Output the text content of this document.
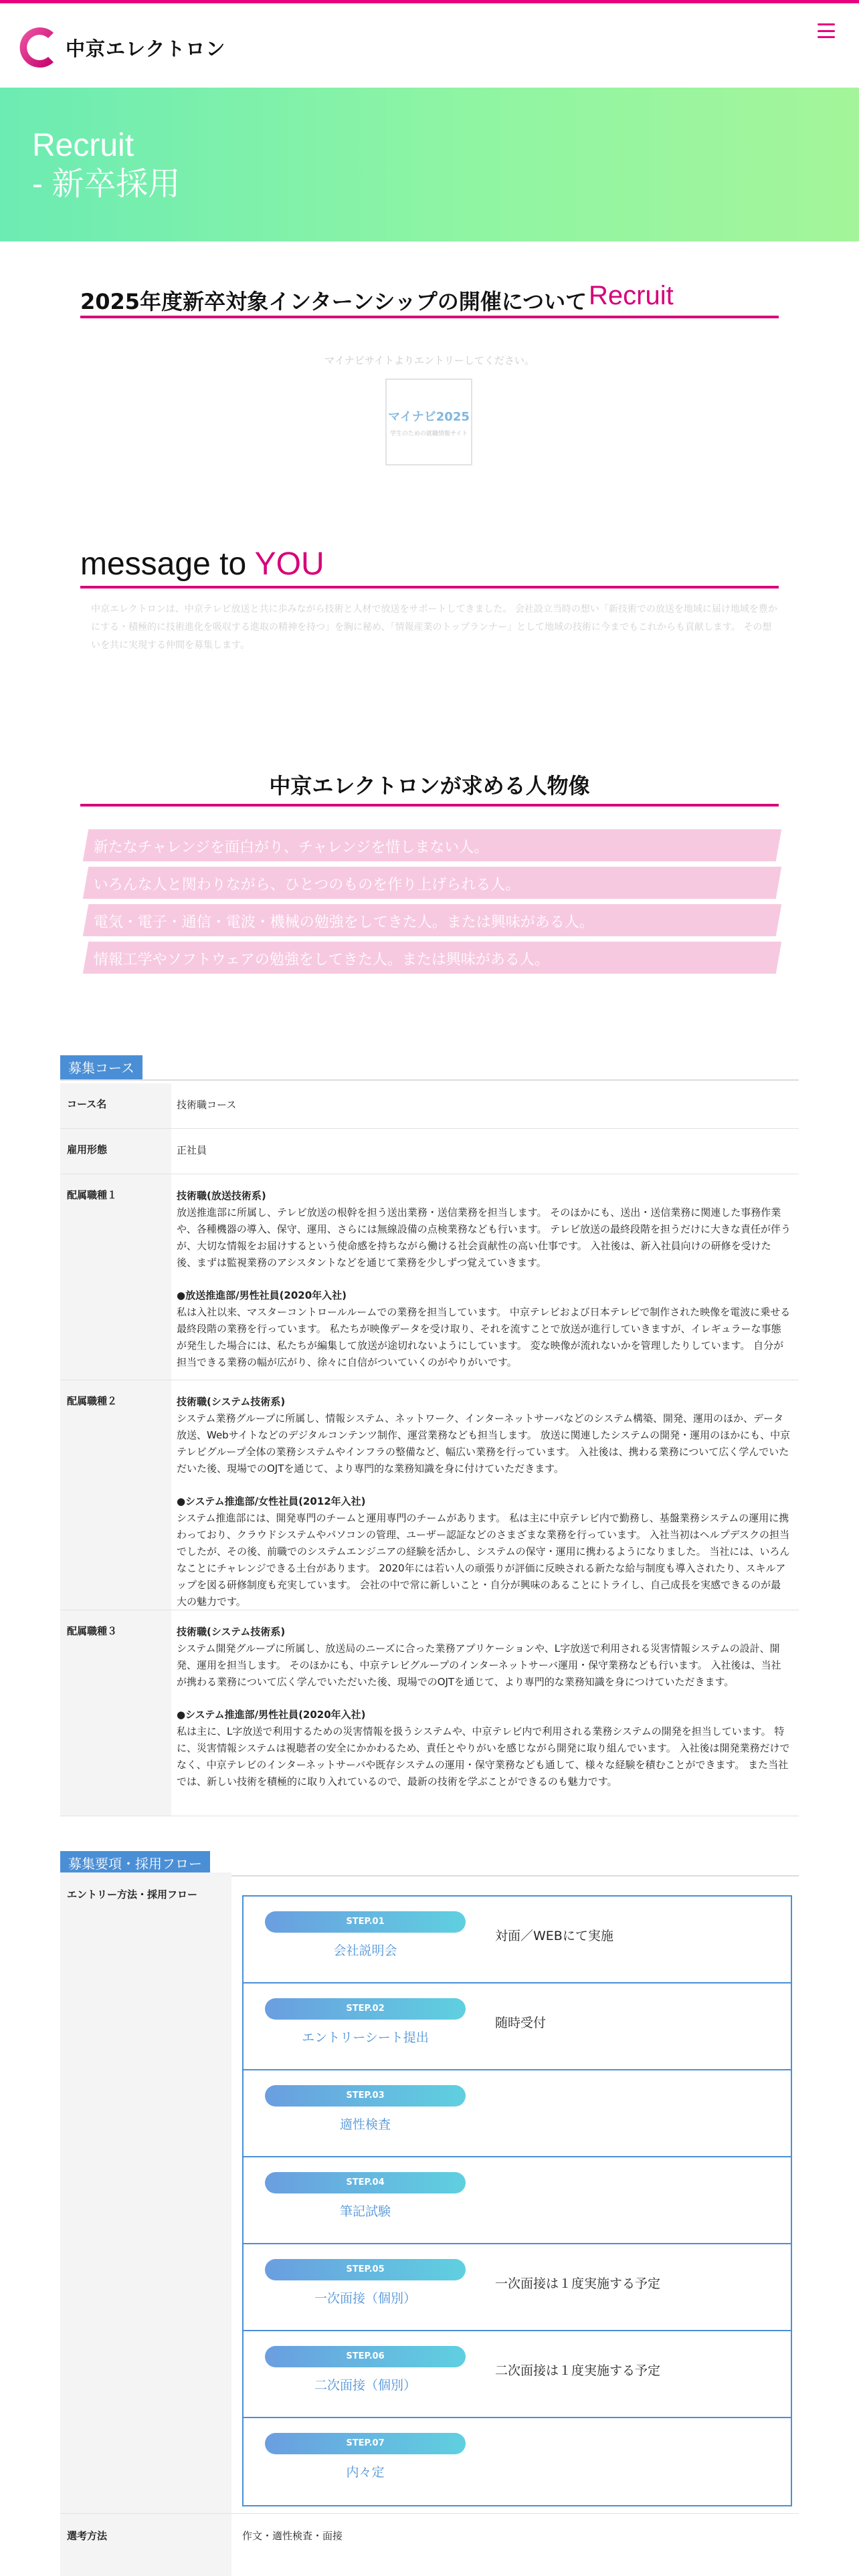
中京エレクトロン
Recruit
- 新卒採用
2025年度新卒対象インターンシップの開催について Recruit
マイナビサイトよりエントリーしてください。
マイナビ2025
学生のための就職情報サイト
message to YOU
中京エレクトロンは、中京テレビ放送と共に歩みながら技術と人材で放送をサポートしてきました。 会社設立当時の想い「新技術での放送を地域に届け地域を豊かにする・積極的に技術進化を吸収する進取の精神を持つ」を胸に秘め、「情報産業のトップランナー」として地域の技術に今までもこれからも貢献します。 その想いを共に実現する仲間を募集します。
中京エレクトロンが求める人物像
新たなチャレンジを面白がり、チャレンジを惜しまない人。
いろんな人と関わりながら、ひとつのものを作り上げられる人。
電気・電子・通信・電波・機械の勉強をしてきた人。または興味がある人。
情報工学やソフトウェアの勉強をしてきた人。または興味がある人。
募集コース
コース名	技術職コース
雇用形態	正社員
配属職種１	技術職(放送技術系)

放送推進部に所属し、テレビ放送の根幹を担う送出業務・送信業務を担当します。 そのほかにも、送出・送信業務に関連した事務作業や、各種機器の導入、保守、運用、さらには無線設備の点検業務なども行います。 テレビ放送の最終段階を担うだけに大きな責任が伴うが、大切な情報をお届けするという使命感を持ちながら働ける社会貢献性の高い仕事です。 入社後は、新入社員向けの研修を受けた後、まずは監視業務のアシスタントなどを通じて業務を少しずつ覚えていきます。

●放送推進部/男性社員(2020年入社)

私は入社以来、マスターコントロールルームでの業務を担当しています。 中京テレビおよび日本テレビで制作された映像を電波に乗せる最終段階の業務を行っています。 私たちが映像データを受け取り、それを流すことで放送が進行していきますが、イレギュラーな事態が発生した場合には、私たちが編集して放送が途切れないようにしています。 変な映像が流れないかを管理したりしています。 自分が担当できる業務の幅が広がり、徐々に自信がついていくのがやりがいです。

配属職種２	技術職(システム技術系)

システム業務グループに所属し、情報システム、ネットワーク、インターネットサーバなどのシステム構築、開発、運用のほか、データ放送、Webサイトなどのデジタルコンテンツ制作、運営業務なども担当します。 放送に関連したシステムの開発・運用のほかにも、中京テレビグループ全体の業務システムやインフラの整備など、幅広い業務を行っています。 入社後は、携わる業務について広く学んでいただいた後、現場でのOJTを通じて、より専門的な業務知識を身に付けていただきます。

●システム推進部/女性社員(2012年入社)

システム推進部には、開発専門のチームと運用専門のチームがあります。 私は主に中京テレビ内で勤務し、基盤業務システムの運用に携わっており、クラウドシステムやパソコンの管理、ユーザー認証などのさまざまな業務を行っています。 入社当初はヘルプデスクの担当でしたが、その後、前職でのシステムエンジニアの経験を活かし、システムの保守・運用に携わるようになりました。 当社には、いろんなことにチャレンジできる土台があります。 2020年には若い人の頑張りが評価に反映される新たな給与制度も導入されたり、スキルアップを図る研修制度も充実しています。 会社の中で常に新しいこと・自分が興味のあることにトライし、自己成長を実感できるのが最大の魅力です。

配属職種３	技術職(システム技術系)

システム開発グループに所属し、放送局のニーズに合った業務アプリケーションや、L字放送で利用される災害情報システムの設計、開発、運用を担当します。 そのほかにも、中京テレビグループのインターネットサーバ運用・保守業務なども行います。 入社後は、当社が携わる業務について広く学んでいただいた後、現場でのOJTを通じて、より専門的な業務知識を身につけていただきます。

●システム推進部/男性社員(2020年入社)

私は主に、L字放送で利用するための災害情報を扱うシステムや、中京テレビ内で利用される業務システムの開発を担当しています。 特に、災害情報システムは視聴者の安全にかかわるため、責任とやりがいを感じながら開発に取り組んでいます。 入社後は開発業務だけでなく、中京テレビのインターネットサーバや既存システムの運用・保守業務なども通して、様々な経験を積むことができます。 また当社では、新しい技術を積極的に取り入れているので、最新の技術を学ぶことができるのも魅力です。

募集要項・採用フロー
エントリー方法・採用フロー
STEP.01
会社説明会
対面／WEBにて実施
STEP.02
エントリーシート提出
随時受付
STEP.03
適性検査
STEP.04
筆記試験
STEP.05
一次面接（個別）
一次面接は１度実施する予定
STEP.06
二次面接（個別）
二次面接は１度実施する予定
STEP.07
内々定
選考方法	作文・適性検査・面接
